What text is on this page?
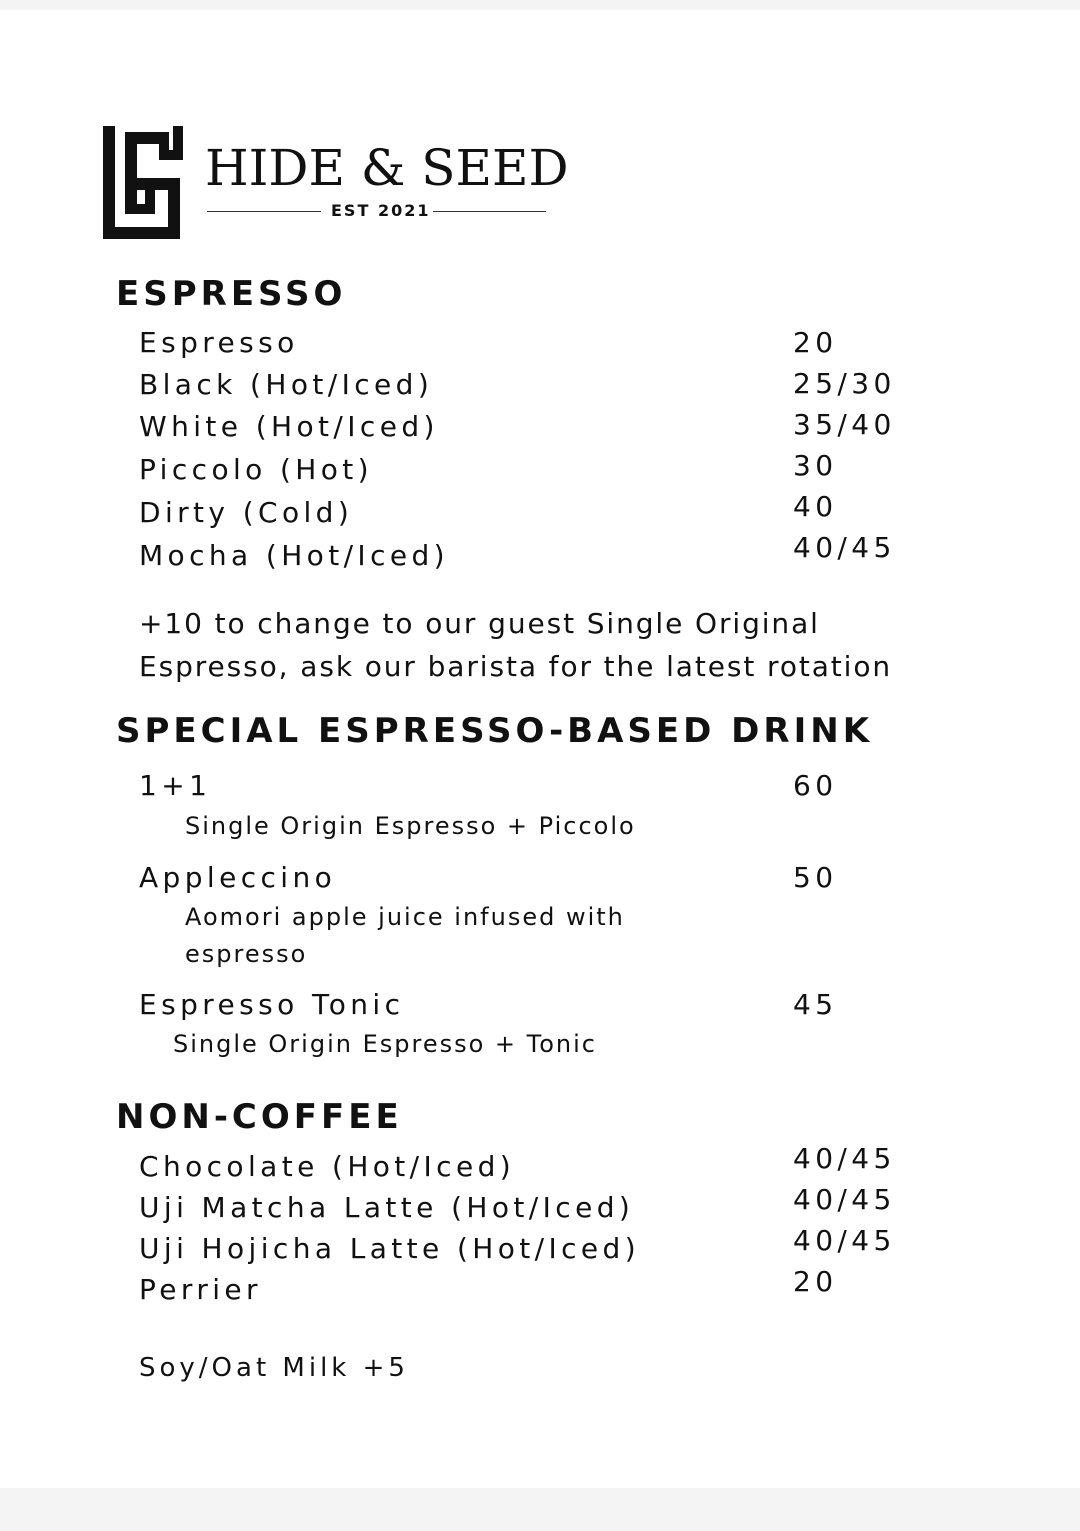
HIDE & SEED
EST 2021
ESPRESSO
Espresso	20
Black (Hot/Iced)	25/30
White (Hot/Iced)	35/40
Piccolo (Hot)	30
Dirty (Cold)	40
Mocha (Hot/Iced)	40/45
+10 to change to our guest Single Original
Espresso, ask our barista for the latest rotation
SPECIAL ESPRESSO-BASED DRINK
1+1	60
Single Origin Espresso + Piccolo
Appleccino	50
Aomori apple juice infused with
espresso
Espresso Tonic	45
Single Origin Espresso + Tonic
NON-COFFEE
Chocolate (Hot/Iced)	40/45
Uji Matcha Latte (Hot/Iced)	40/45
Uji Hojicha Latte (Hot/Iced)	40/45
Perrier	20
Soy/Oat Milk +5
